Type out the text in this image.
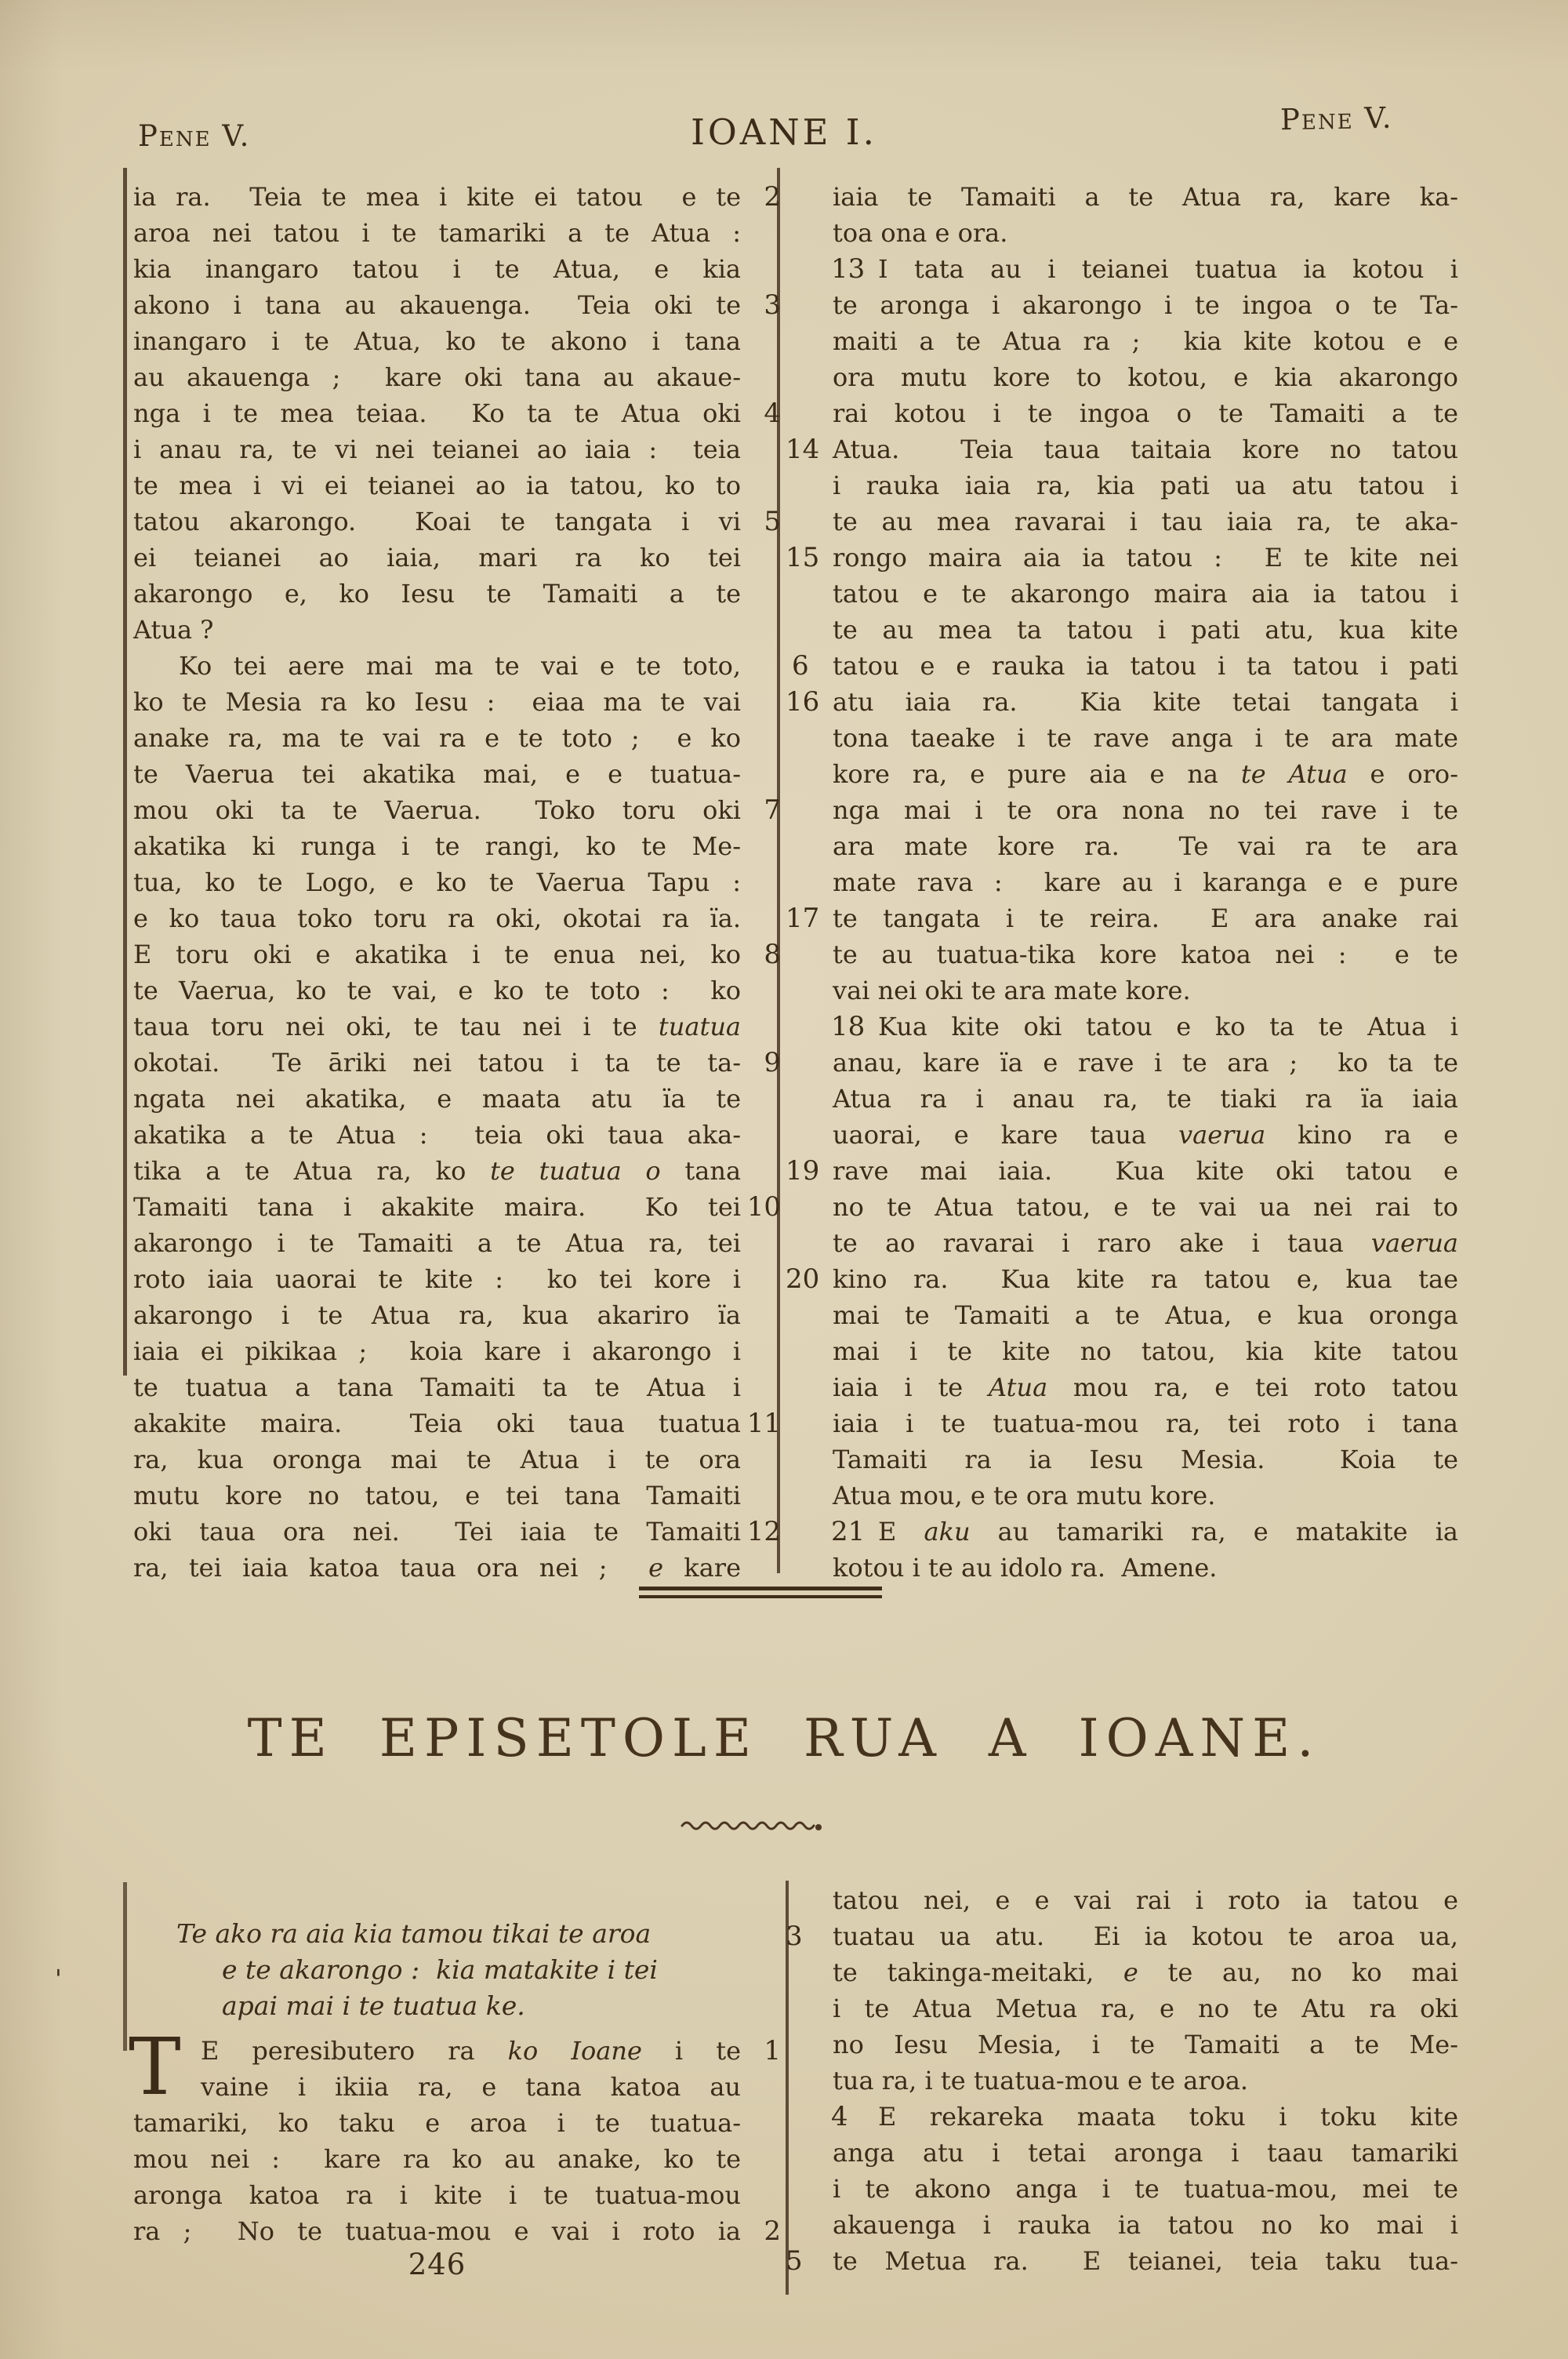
Pene V.	IOANE I.	Pene V.
ia ra.  Teia te mea i kite ei tatou  e te 2
aroa nei tatou i te tamariki a te Atua :
kia inangaro tatou i te Atua, e kia
akono i tana au akauenga.  Teia oki te 3
inangaro i te Atua, ko te akono i tana
au akauenga ;  kare oki tana au akaue-
nga i te mea teiaa.  Ko ta te Atua oki 4
i anau ra, te vi nei teianei ao iaia :  teia
te mea i vi ei teianei ao ia tatou, ko to
tatou akarongo.  Koai te tangata i vi 5
ei teianei ao iaia, mari ra ko tei
akarongo e, ko Iesu te Tamaiti a te
Atua ?
Ko tei aere mai ma te vai e te toto,	6
ko te Mesia ra ko Iesu :  eiaa ma te vai
anake ra, ma te vai ra e te toto ;  e ko
te Vaerua tei akatika mai, e e tuatua-
mou oki ta te Vaerua.  Toko toru oki 7
akatika ki runga i te rangi, ko te Me-
tua, ko te Logo, e ko te Vaerua Tapu :
e ko taua toko toru ra oki, okotai ra ïa.
E toru oki e akatika i te enua nei, ko 8
te Vaerua, ko te vai, e ko te toto :  ko
taua toru nei oki, te tau nei i te tuatua
okotai.  Te āriki nei tatou i ta te ta- 9
ngata nei akatika, e maata atu ïa te
akatika a te Atua :  teia oki taua aka-
tika a te Atua ra, ko te tuatua o tana
Tamaiti tana i akakite maira.  Ko tei 10
akarongo i te Tamaiti a te Atua ra, tei
roto iaia uaorai te kite :  ko tei kore i
akarongo i te Atua ra, kua akariro ïa
iaia ei pikikaa ;  koia kare i akarongo i
te tuatua a tana Tamaiti ta te Atua i
akakite maira.  Teia oki taua tuatua 11
ra, kua oronga mai te Atua i te ora
mutu kore no tatou, e tei tana Tamaiti
oki taua ora nei.  Tei iaia te Tamaiti 12
ra, tei iaia katoa taua ora nei ;  e kare
iaia te Tamaiti a te Atua ra, kare ka-
toa ona e ora.
I tata au i teianei tuatua ia kotou i
13
te aronga i akarongo i te ingoa o te Ta-
maiti a te Atua ra ;  kia kite kotou e e
ora mutu kore to kotou, e kia akarongo
rai kotou i te ingoa o te Tamaiti a te
Atua.  Teia taua taitaia kore no tatou
14
i rauka iaia ra, kia pati ua atu tatou i
te au mea ravarai i tau iaia ra, te aka-
rongo maira aia ia tatou :  E te kite nei
15
tatou e te akarongo maira aia ia tatou i
te au mea ta tatou i pati atu, kua kite
tatou e e rauka ia tatou i ta tatou i pati
atu iaia ra.  Kia kite tetai tangata i
16
tona taeake i te rave anga i te ara mate
kore ra, e pure aia e na te Atua e oro-
nga mai i te ora nona no tei rave i te
ara mate kore ra.  Te vai ra te ara
mate rava :  kare au i karanga e e pure
te tangata i te reira.  E ara anake rai
17
te au tuatua-tika kore katoa nei :  e te
vai nei oki te ara mate kore.
Kua kite oki tatou e ko ta te Atua i
18
anau, kare ïa e rave i te ara ;  ko ta te
Atua ra i anau ra, te tiaki ra ïa iaia
uaorai, e kare taua vaerua kino ra e
rave mai iaia.  Kua kite oki tatou e
19
no te Atua tatou, e te vai ua nei rai to
te ao ravarai i raro ake i taua vaerua
kino ra.  Kua kite ra tatou e, kua tae
20
mai te Tamaiti a te Atua, e kua oronga
mai i te kite no tatou, kia kite tatou
iaia i te Atua mou ra, e tei roto tatou
iaia i te tuatua-mou ra, tei roto i tana
Tamaiti ra ia Iesu Mesia.  Koia te
Atua mou, e te ora mutu kore.
E aku au tamariki ra, e matakite ia
21
kotou i te au idolo ra.  Amene.
TE EPISETOLE RUA A IOANE.
'
Te ako ra aia kia tamou tikai te aroa
e te akarongo :  kia matakite i tei
apai mai i te tuatua ke.
T E peresibutero ra ko Ioane i te 1
vaine i ikiia ra, e tana katoa au
tamariki, ko taku e aroa i te tuatua-
mou nei :  kare ra ko au anake, ko te
aronga katoa ra i kite i te tuatua-mou
ra ;  No te tuatua-mou e vai i roto ia 2
tatou nei, e e vai rai i roto ia tatou e
tuatau ua atu.  Ei ia kotou te aroa ua,
3
te takinga-meitaki, e te au, no ko mai
i te Atua Metua ra, e no te Atu ra oki
no Iesu Mesia, i te Tamaiti a te Me-
tua ra, i te tuatua-mou e te aroa.
E rekareka maata toku i toku kite
4
anga atu i tetai aronga i taau tamariki
i te akono anga i te tuatua-mou, mei te
akauenga i rauka ia tatou no ko mai i
te Metua ra.  E teianei, teia taku tua-
5
246
